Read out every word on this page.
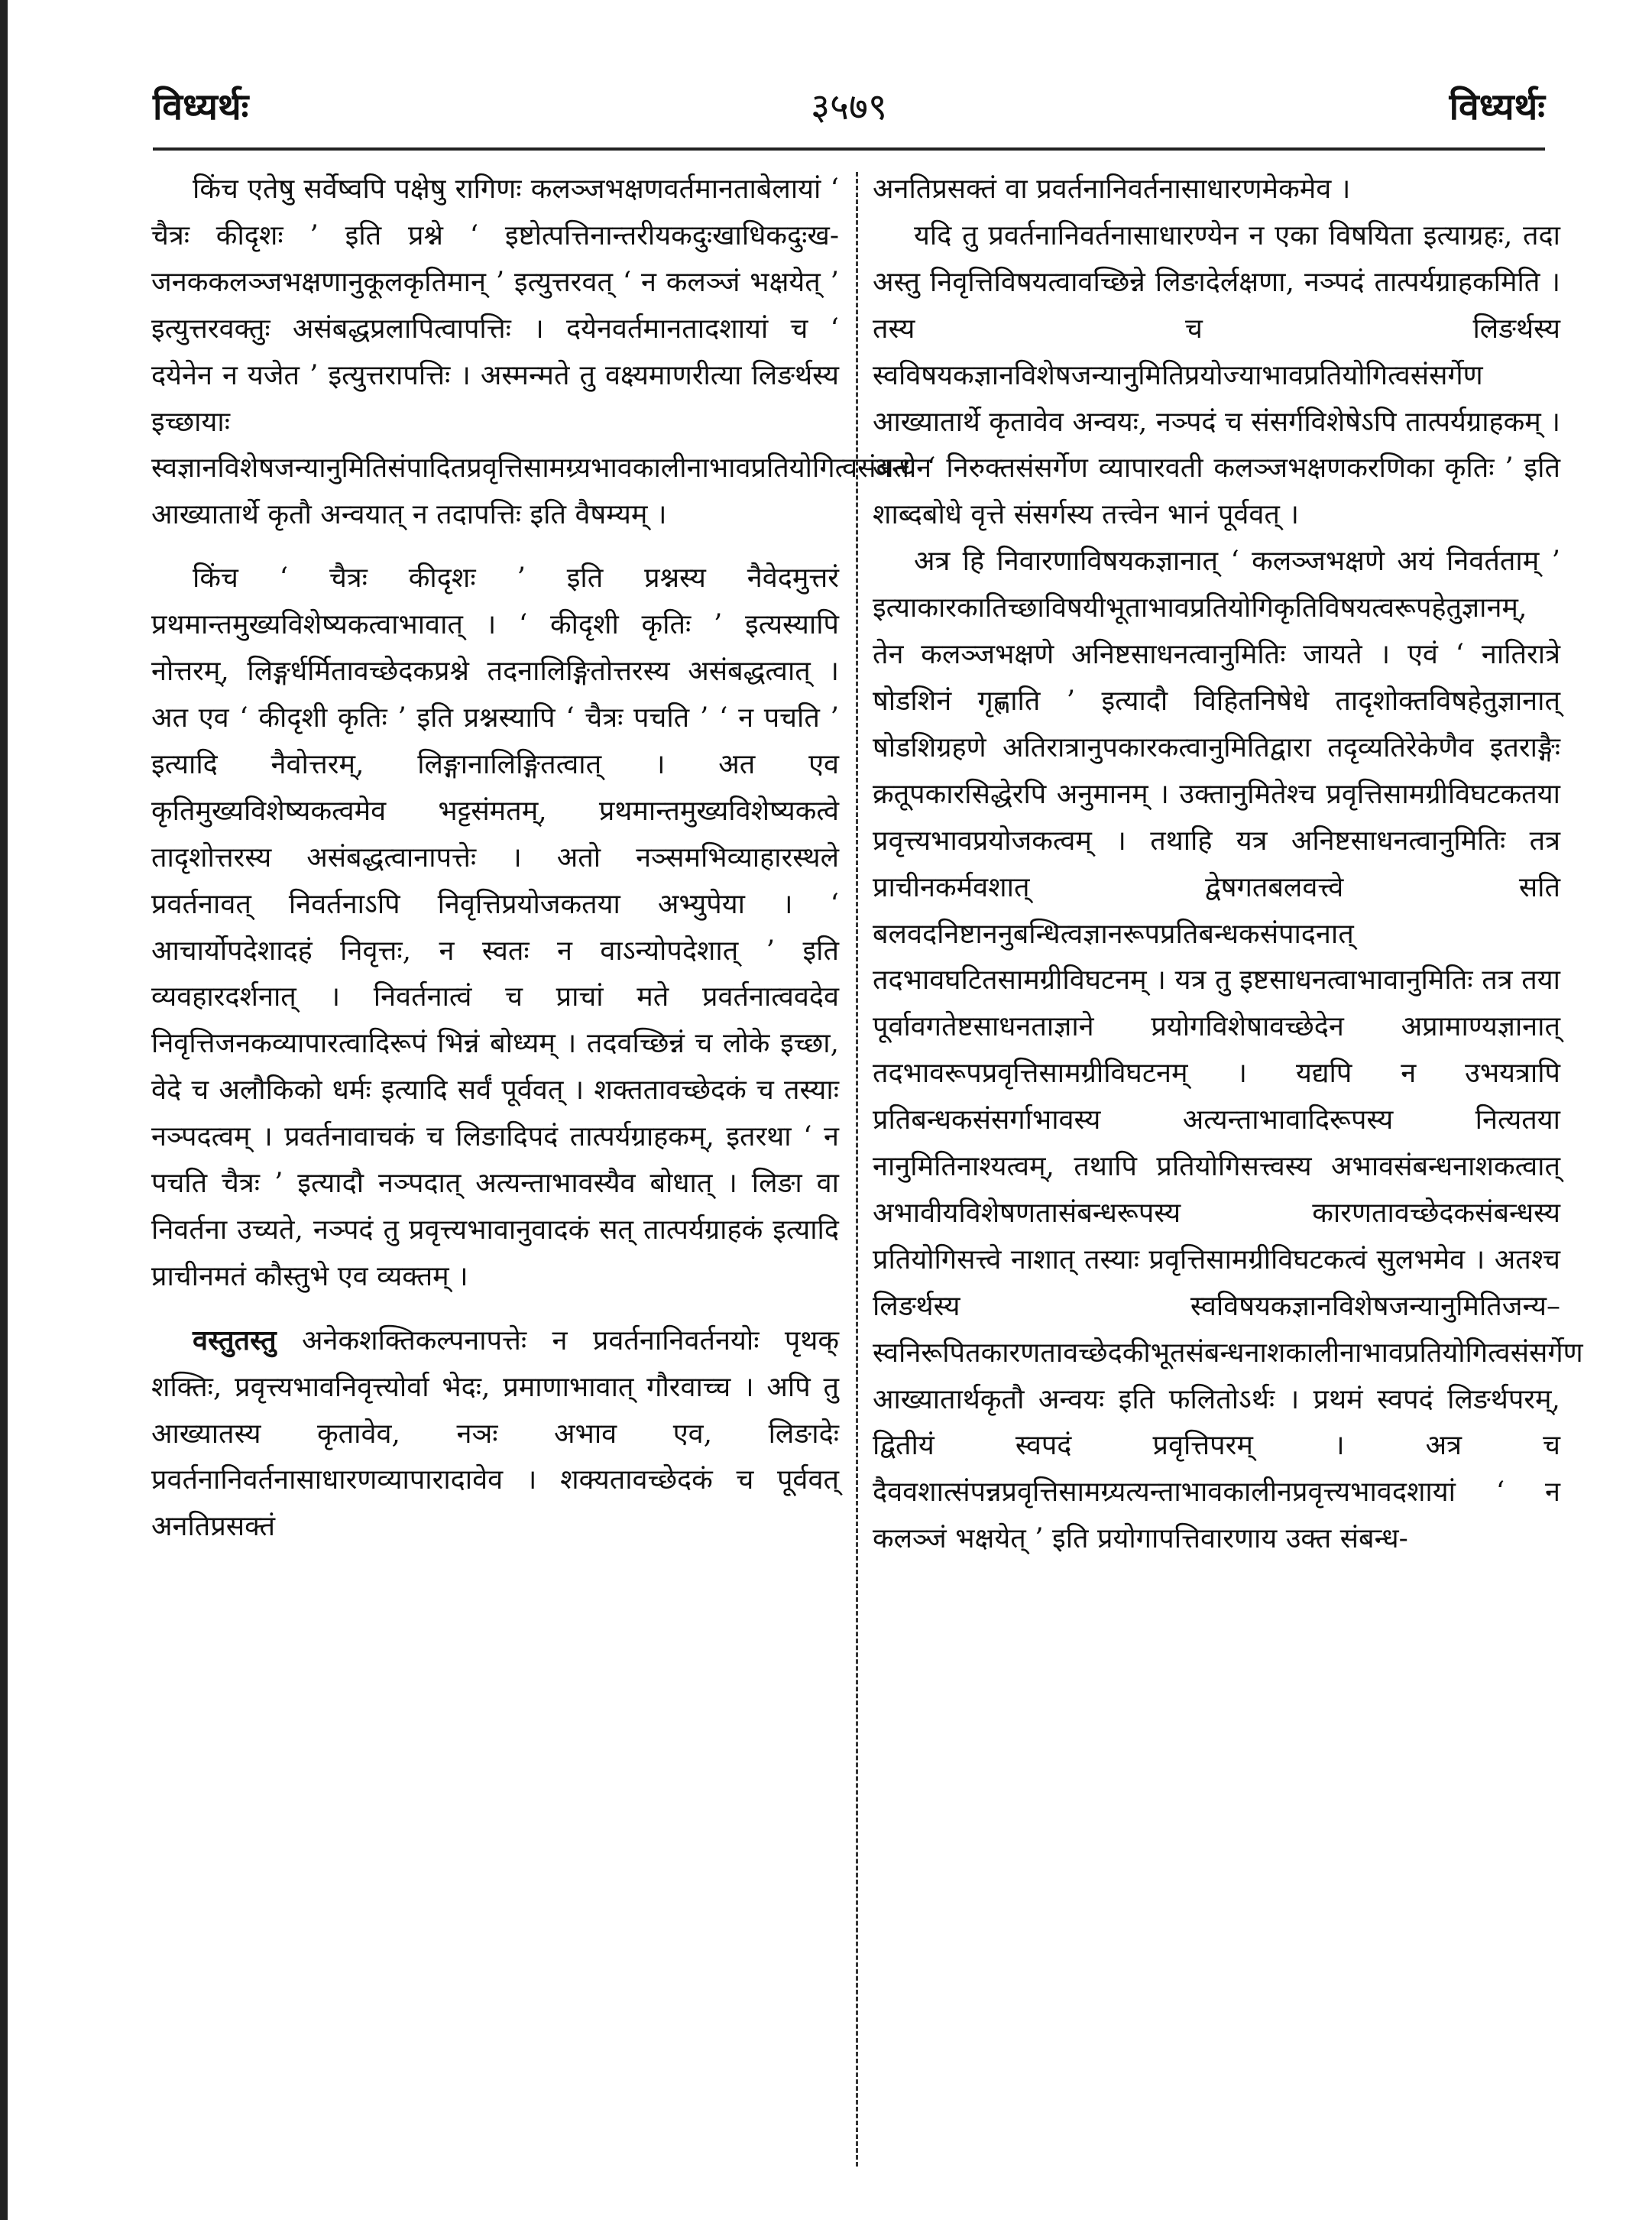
३५७९
विध्यर्थः	विध्यर्थः

किंच एतेषु सर्वेष्वपि पक्षेषु रागिणः कलञ्जभक्षणवर्तमानताबेलायां ‘ चैत्रः कीदृशः ’ इति प्रश्ने ‘ इष्टोत्पत्तिनान्तरीयकदुःखाधिकदुःख-जनककलञ्जभक्षणानुकूलकृतिमान् ’ इत्युत्तरवत् ‘ न कलञ्जं भक्षयेत् ’ इत्युत्तरवक्तुः असंबद्धप्रलापित्वापत्तिः । दयेनवर्तमानतादशायां च ‘ दयेनेन न यजेत ’ इत्युत्तरापत्तिः । अस्मन्मते तु वक्ष्यमाणरीत्या लिङर्थस्य इच्छायाः स्वज्ञानविशेषजन्यानुमितिसंपादितप्रवृत्तिसामग्र्यभावकालीनाभावप्रतियोगित्वसंबन्धेन आख्यातार्थे कृतौ अन्वयात् न तदापत्तिः इति वैषम्यम् ।

किंच ‘ चैत्रः कीदृशः ’ इति प्रश्नस्य नैवेदमुत्तरं प्रथमान्तमुख्यविशेष्यकत्वाभावात् । ‘ कीदृशी कृतिः ’ इत्यस्यापि नोत्तरम्, लिङ्गर्धर्मितावच्छेदकप्रश्ने तदनालिङ्गितोत्तरस्य असंबद्धत्वात् । अत एव ‘ कीदृशी कृतिः ’ इति प्रश्नस्यापि ‘ चैत्रः पचति ’ ‘ न पचति ’ इत्यादि नैवोत्तरम्, लिङ्गानालिङ्गितत्वात् । अत एव कृतिमुख्यविशेष्यकत्वमेव भट्टसंमतम्, प्रथमान्तमुख्यविशेष्यकत्वे तादृशोत्तरस्य असंबद्धत्वानापत्तेः । अतो नञ्समभिव्याहारस्थले प्रवर्तनावत् निवर्तनाऽपि निवृत्तिप्रयोजकतया अभ्युपेया । ‘ आचार्योपदेशादहं निवृत्तः, न स्वतः न वाऽन्योपदेशात् ’ इति व्यवहारदर्शनात् । निवर्तनात्वं च प्राचां मते प्रवर्तनात्ववदेव निवृत्तिजनकव्यापारत्वादिरूपं भिन्नं बोध्यम् । तदवच्छिन्नं च लोके इच्छा, वेदे च अलौकिको धर्मः इत्यादि सर्वं पूर्ववत् । शक्ततावच्छेदकं च तस्याः नञ्पदत्वम् । प्रवर्तनावाचकं च लिङादिपदं तात्पर्यग्राहकम्, इतरथा ‘ न पचति चैत्रः ’ इत्यादौ नञ्पदात् अत्यन्ताभावस्यैव बोधात् । लिङा वा निवर्तना उच्यते, नञ्पदं तु प्रवृत्त्यभावानुवादकं सत् तात्पर्यग्राहकं इत्यादि प्राचीनमतं कौस्तुभे एव व्यक्तम् ।

वस्तुतस्तु अनेकशक्तिकल्पनापत्तेः न प्रवर्तनानिवर्तनयोः पृथक् शक्तिः, प्रवृत्त्यभावनिवृत्त्योर्वा भेदः, प्रमाणाभावात् गौरवाच्च । अपि तु आख्यातस्य कृतावेव, नञः अभाव एव, लिङादेः प्रवर्तनानिवर्तनासाधारणव्यापारादावेव । शक्यतावच्छेदकं च पूर्ववत् अनतिप्रसक्तं

अनतिप्रसक्तं वा प्रवर्तनानिवर्तनासाधारणमेकमेव ।

यदि तु प्रवर्तनानिवर्तनासाधारण्येन न एका विषयिता इत्याग्रहः, तदा अस्तु निवृत्तिविषयत्वावच्छिन्ने लिङादेर्लक्षणा, नञ्पदं तात्पर्यग्राहकमिति । तस्य च लिङर्थस्य स्वविषयकज्ञानविशेषजन्यानुमितिप्रयोज्याभावप्रतियोगित्वसंसर्गेण आख्यातार्थे कृतावेव अन्वयः, नञ्पदं च संसर्गविशेषेऽपि तात्पर्यग्राहकम् । अतो ‘ निरुक्तसंसर्गेण व्यापारवती कलञ्जभक्षणकरणिका कृतिः ’ इति शाब्दबोधे वृत्ते संसर्गस्य तत्त्वेन भानं पूर्ववत् ।

अत्र हि निवारणाविषयकज्ञानात् ‘ कलञ्जभक्षणे अयं निवर्तताम् ’ इत्याकारकातिच्छाविषयीभूताभावप्रतियोगिकृतिविषयत्वरूपहेतुज्ञानम्, तेन कलञ्जभक्षणे अनिष्टसाधनत्वानुमितिः जायते । एवं ‘ नातिरात्रे षोडशिनं गृह्णाति ’ इत्यादौ विहितनिषेधे तादृशोक्तविषहेतुज्ञानात् षोडशिग्रहणे अतिरात्रानुपकारकत्वानुमितिद्वारा तदृव्यतिरेकेणैव इतराङ्गैः क्रतूपकारसिद्धेरपि अनुमानम् । उक्तानुमितेश्च प्रवृत्तिसामग्रीविघटकतया प्रवृत्त्यभावप्रयोजकत्वम् । तथाहि यत्र अनिष्टसाधनत्वानुमितिः तत्र प्राचीनकर्मवशात् द्वेषगतबलवत्त्वे सति बलवदनिष्टाननुबन्धित्वज्ञानरूपप्रतिबन्धकसंपादनात् तदभावघटितसामग्रीविघटनम् । यत्र तु इष्टसाधनत्वाभावानुमितिः तत्र तया पूर्वावगतेष्टसाधनताज्ञाने प्रयोगविशेषावच्छेदेन अप्रामाण्यज्ञानात् तदभावरूपप्रवृत्तिसामग्रीविघटनम् । यद्यपि न उभयत्रापि प्रतिबन्धकसंसर्गाभावस्य अत्यन्ताभावादिरूपस्य नित्यतया नानुमितिनाश्यत्वम्, तथापि प्रतियोगिसत्त्वस्य अभावसंबन्धनाशकत्वात् अभावीयविशेषणतासंबन्धरूपस्य कारणतावच्छेदकसंबन्धस्य प्रतियोगिसत्त्वे नाशात् तस्याः प्रवृत्तिसामग्रीविघटकत्वं सुलभमेव । अतश्च लिङर्थस्य स्वविषयकज्ञानविशेषजन्यानुमितिजन्य–स्वनिरूपितकारणतावच्छेदकीभूतसंबन्धनाशकालीनाभावप्रतियोगित्वसंसर्गेण आख्यातार्थकृतौ अन्वयः इति फलितोऽर्थः । प्रथमं स्वपदं लिङर्थपरम्, द्वितीयं स्वपदं प्रवृत्तिपरम् । अत्र च दैववशात्संपन्नप्रवृत्तिसामग्र्यत्यन्ताभावकालीनप्रवृत्त्यभावदशायां ‘ न कलञ्जं भक्षयेत् ’ इति प्रयोगापत्तिवारणाय उक्त संबन्ध-
